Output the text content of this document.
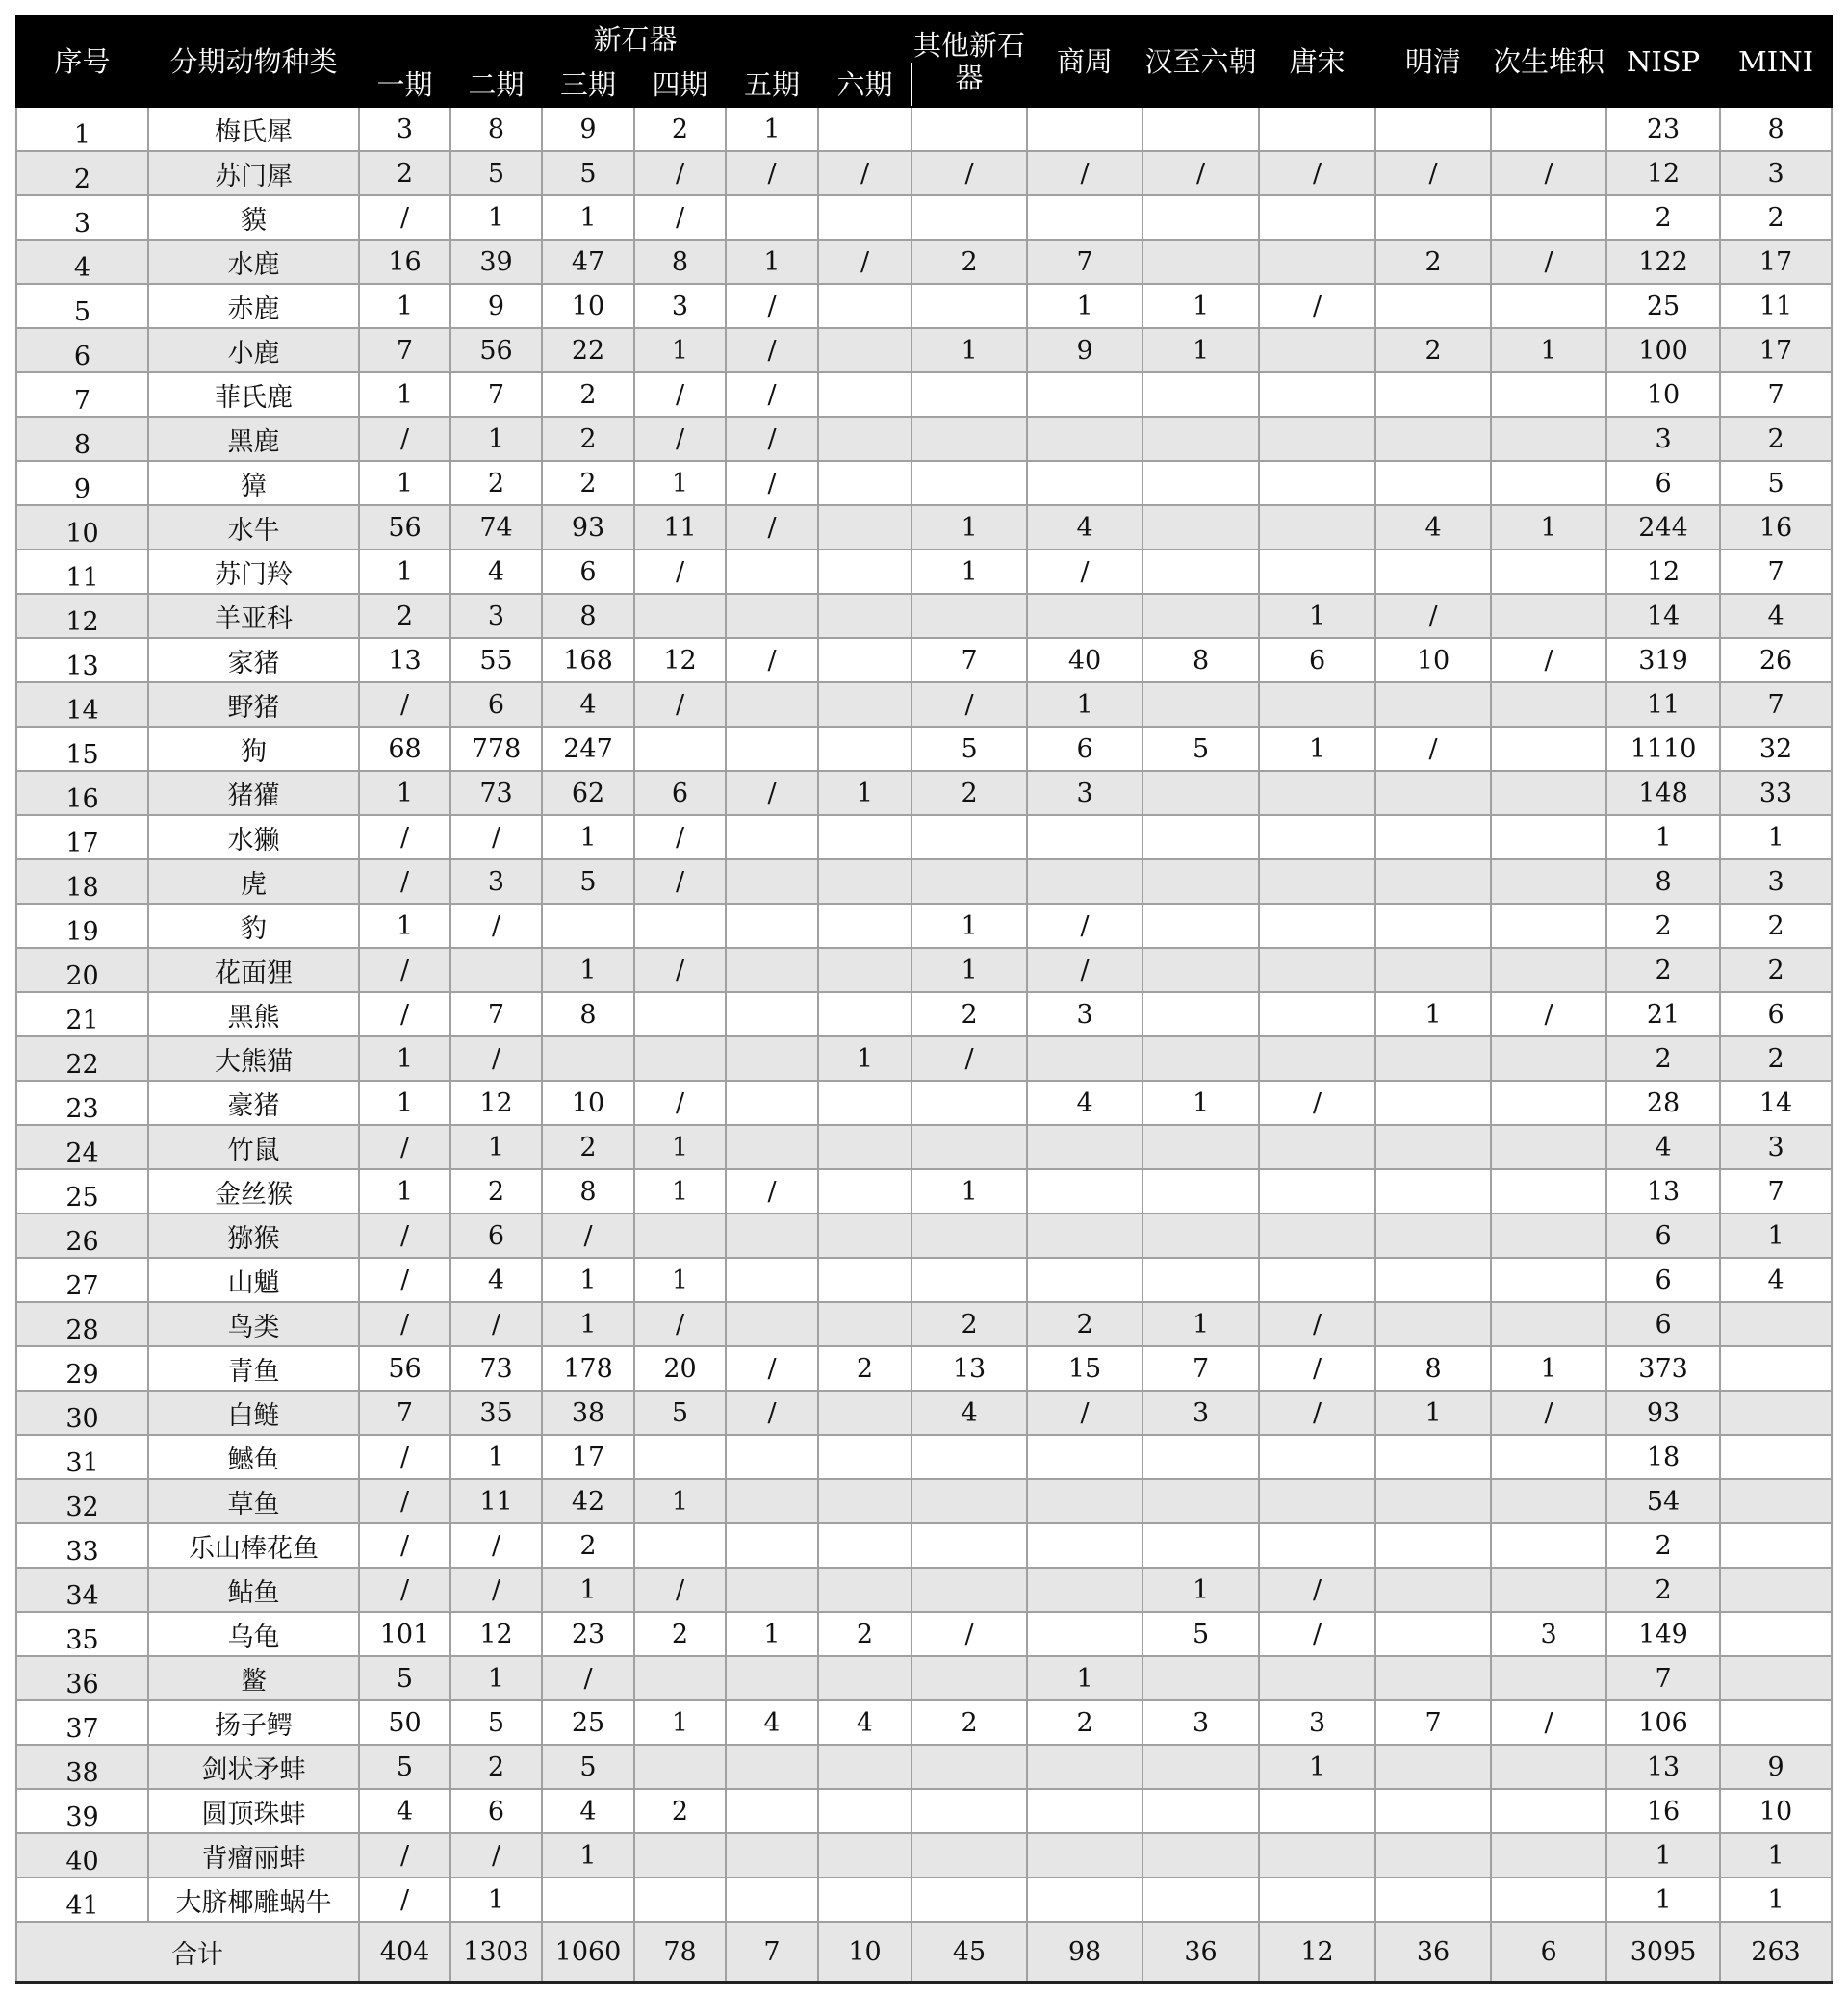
序号	分期动物种类	新石器						其他新石器	商周	汉至六朝	唐宋	明清	次生堆积	NISP	MINI
		一期	二期	三期	四期	五期	六期								
1	梅氏犀	3	8	9	2	1								23	8
2	苏门犀	2	5	5	/	/	/	/	/	/	/	/	/	12	3
3	貘	/	1	1	/									2	2
4	水鹿	16	39	47	8	1	/	2	7			2	/	122	17
5	赤鹿	1	9	10	3	/			1	1	/			25	11
6	小鹿	7	56	22	1	/		1	9	1		2	1	100	17
7	菲氏鹿	1	7	2	/	/								10	7
8	黑鹿	/	1	2	/	/								3	2
9	獐	1	2	2	1	/								6	5
10	水牛	56	74	93	11	/		1	4			4	1	244	16
11	苏门羚	1	4	6	/			1	/					12	7
12	羊亚科	2	3	8							1	/		14	4
13	家猪	13	55	168	12	/		7	40	8	6	10	/	319	26
14	野猪	/	6	4	/			/	1					11	7
15	狗	68	778	247				5	6	5	1	/		1110	32
16	猪獾	1	73	62	6	/	1	2	3					148	33
17	水獭	/	/	1	/									1	1
18	虎	/	3	5	/									8	3
19	豹	1	/					1	/					2	2
20	花面狸	/		1	/			1	/					2	2
21	黑熊	/	7	8				2	3			1	/	21	6
22	大熊猫	1	/				1	/						2	2
23	豪猪	1	12	10	/				4	1	/			28	14
24	竹鼠	/	1	2	1									4	3
25	金丝猴	1	2	8	1	/		1						13	7
26	猕猴	/	6	/										6	1
27	山魈	/	4	1	1									6	4
28	鸟类	/	/	1	/			2	2	1	/			6	
29	青鱼	56	73	178	20	/	2	13	15	7	/	8	1	373	
30	白鲢	7	35	38	5	/		4	/	3	/	1	/	93	
31	鳡鱼	/	1	17										18	
32	草鱼	/	11	42	1									54	
33	乐山棒花鱼	/	/	2										2	
34	鲇鱼	/	/	1	/					1	/			2	
35	乌龟	101	12	23	2	1	2	/		5	/		3	149	
36	鳖	5	1	/					1					7	
37	扬子鳄	50	5	25	1	4	4	2	2	3	3	7	/	106	
38	剑状矛蚌	5	2	5							1			13	9
39	圆顶珠蚌	4	6	4	2									16	10
40	背瘤丽蚌	/	/	1										1	1
41	大脐椰雕蜗牛	/	1											1	1
合计		404	1303	1060	78	7	10	45	98	36	12	36	6	3095	263
